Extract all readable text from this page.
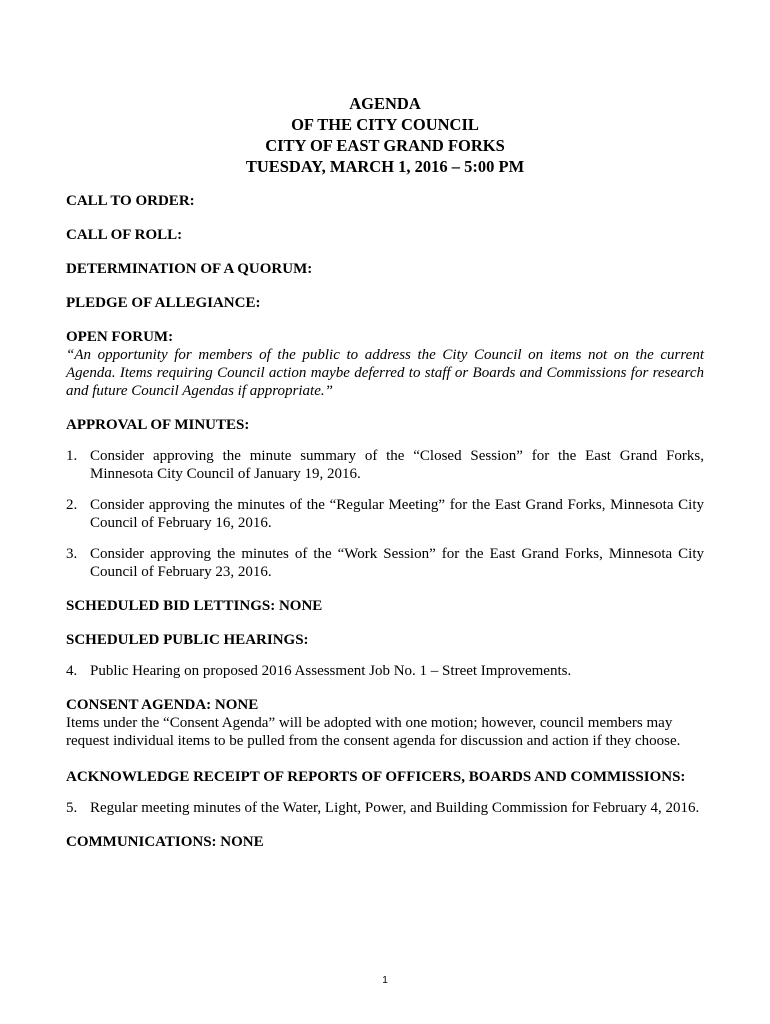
AGENDA
OF THE CITY COUNCIL
CITY OF EAST GRAND FORKS
TUESDAY, MARCH 1, 2016 – 5:00 PM

CALL TO ORDER:

CALL OF ROLL:

DETERMINATION OF A QUORUM:

PLEDGE OF ALLEGIANCE:

OPEN FORUM:

“An opportunity for members of the public to address the City Council on items not on the current Agenda. Items requiring Council action maybe deferred to staff or Boards and Commissions for research and future Council Agendas if appropriate.”

APPROVAL OF MINUTES:

1. Consider approving the minute summary of the “Closed Session” for the East Grand Forks, Minnesota City Council of January 19, 2016.
2. Consider approving the minutes of the “Regular Meeting” for the East Grand Forks, Minnesota City Council of February 16, 2016.
3. Consider approving the minutes of the “Work Session” for the East Grand Forks, Minnesota City Council of February 23, 2016.

SCHEDULED BID LETTINGS: NONE

SCHEDULED PUBLIC HEARINGS:

4. Public Hearing on proposed 2016 Assessment Job No. 1 – Street Improvements.

CONSENT AGENDA: NONE

Items under the “Consent Agenda” will be adopted with one motion; however, council members may request individual items to be pulled from the consent agenda for discussion and action if they choose.

ACKNOWLEDGE RECEIPT OF REPORTS OF OFFICERS, BOARDS AND COMMISSIONS:

5. Regular meeting minutes of the Water, Light, Power, and Building Commission for February 4, 2016.

COMMUNICATIONS: NONE

1
